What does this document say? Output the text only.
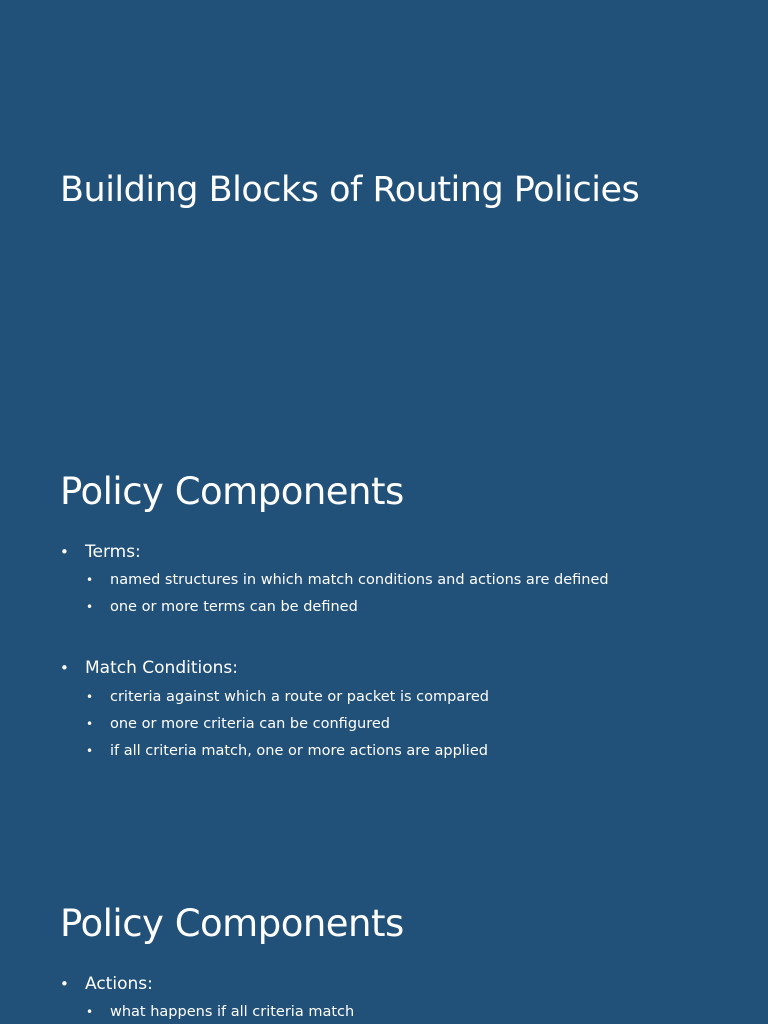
Building Blocks of Routing Policies
Policy Components
• Terms:
• named structures in which match conditions and actions are defined
• one or more terms can be defined
• Match Conditions:
• criteria against which a route or packet is compared
• one or more criteria can be configured
• if all criteria match, one or more actions are applied
Policy Components
• Actions:
• what happens if all criteria match
